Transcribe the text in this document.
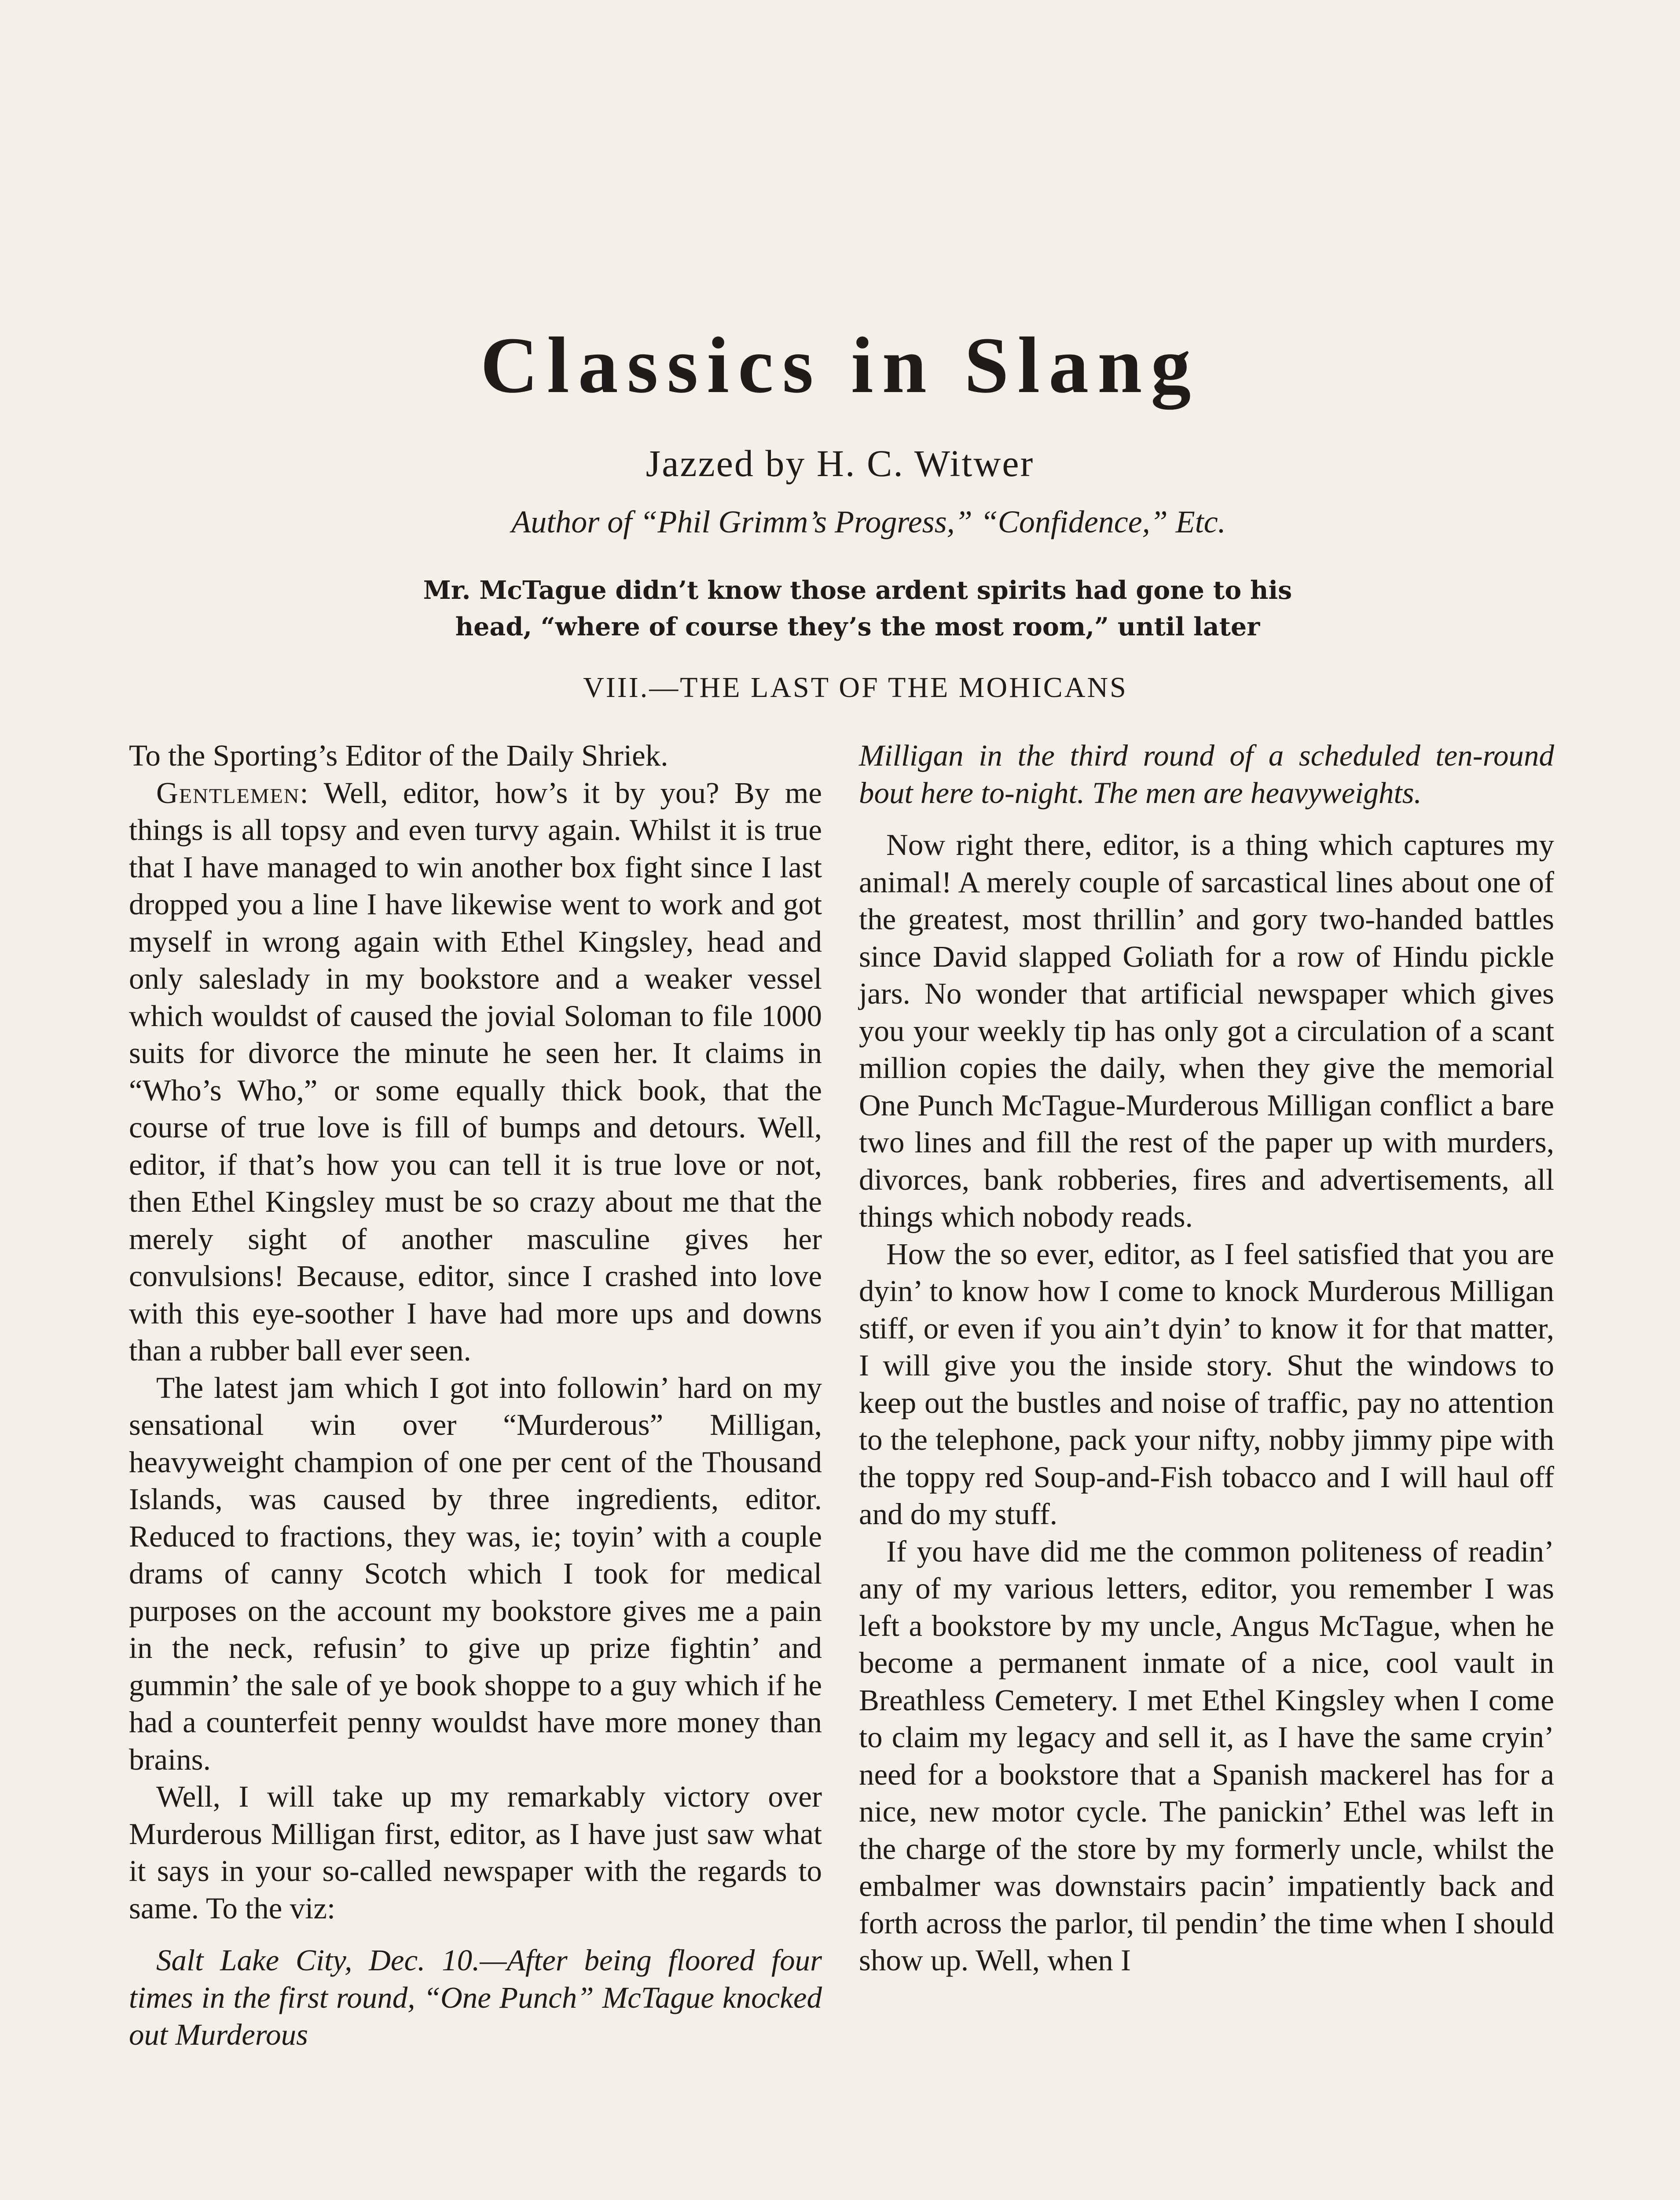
Classics in Slang
Jazzed by H. C. Witwer
Author of “Phil Grimm’s Progress,” “Confidence,” Etc.
Mr. McTague didn’t know those ardent spirits had gone to his
head, “where of course they’s the most room,” until later
VIII.—THE LAST OF THE MOHICANS

To the Sporting’s Editor of the Daily Shriek.

Gentlemen: Well, editor, how’s it by you? By me things is all topsy and even turvy again. Whilst it is true that I have managed to win another box fight since I last dropped you a line I have likewise went to work and got myself in wrong again with Ethel Kingsley, head and only saleslady in my bookstore and a weaker vessel which wouldst of caused the jovial Soloman to file 1000 suits for divorce the minute he seen her. It claims in “Who’s Who,” or some equally thick book, that the course of true love is fill of bumps and detours. Well, editor, if that’s how you can tell it is true love or not, then Ethel Kingsley must be so crazy about me that the merely sight of another masculine gives her convulsions! Because, editor, since I crashed into love with this eye-soother I have had more ups and downs than a rubber ball ever seen.

The latest jam which I got into followin’ hard on my sensational win over “Murderous” Milligan, heavyweight champion of one per cent of the Thousand Islands, was caused by three ingredients, editor. Reduced to fractions, they was, ie; toyin’ with a couple drams of canny Scotch which I took for medical purposes on the account my bookstore gives me a pain in the neck, refusin’ to give up prize fightin’ and gummin’ the sale of ye book shoppe to a guy which if he had a counterfeit penny wouldst have more money than brains.

Well, I will take up my remarkably victory over Murderous Milligan first, editor, as I have just saw what it says in your so-called newspaper with the regards to same. To the viz:

Salt Lake City, Dec. 10.—After being floored four times in the first round, “One Punch” McTague knocked out Murderous

Milligan in the third round of a scheduled ten-round bout here to-night. The men are heavyweights.

Now right there, editor, is a thing which captures my animal! A merely couple of sarcastical lines about one of the greatest, most thrillin’ and gory two-handed battles since David slapped Goliath for a row of Hindu pickle jars. No wonder that artificial newspaper which gives you your weekly tip has only got a circulation of a scant million copies the daily, when they give the memorial One Punch McTague-Murderous Milligan conflict a bare two lines and fill the rest of the paper up with murders, divorces, bank robberies, fires and advertisements, all things which nobody reads.

How the so ever, editor, as I feel satisfied that you are dyin’ to know how I come to knock Murderous Milligan stiff, or even if you ain’t dyin’ to know it for that matter, I will give you the inside story. Shut the windows to keep out the bustles and noise of traffic, pay no attention to the telephone, pack your nifty, nobby jimmy pipe with the toppy red Soup-and-Fish tobacco and I will haul off and do my stuff.

If you have did me the common politeness of readin’ any of my various letters, editor, you remember I was left a bookstore by my uncle, Angus McTague, when he become a permanent inmate of a nice, cool vault in Breathless Cemetery. I met Ethel Kingsley when I come to claim my legacy and sell it, as I have the same cryin’ need for a bookstore that a Spanish mackerel has for a nice, new motor cycle. The panickin’ Ethel was left in the charge of the store by my formerly uncle, whilst the embalmer was downstairs pacin’ impatiently back and forth across the parlor, til pendin’ the time when I should show up. Well, when I
